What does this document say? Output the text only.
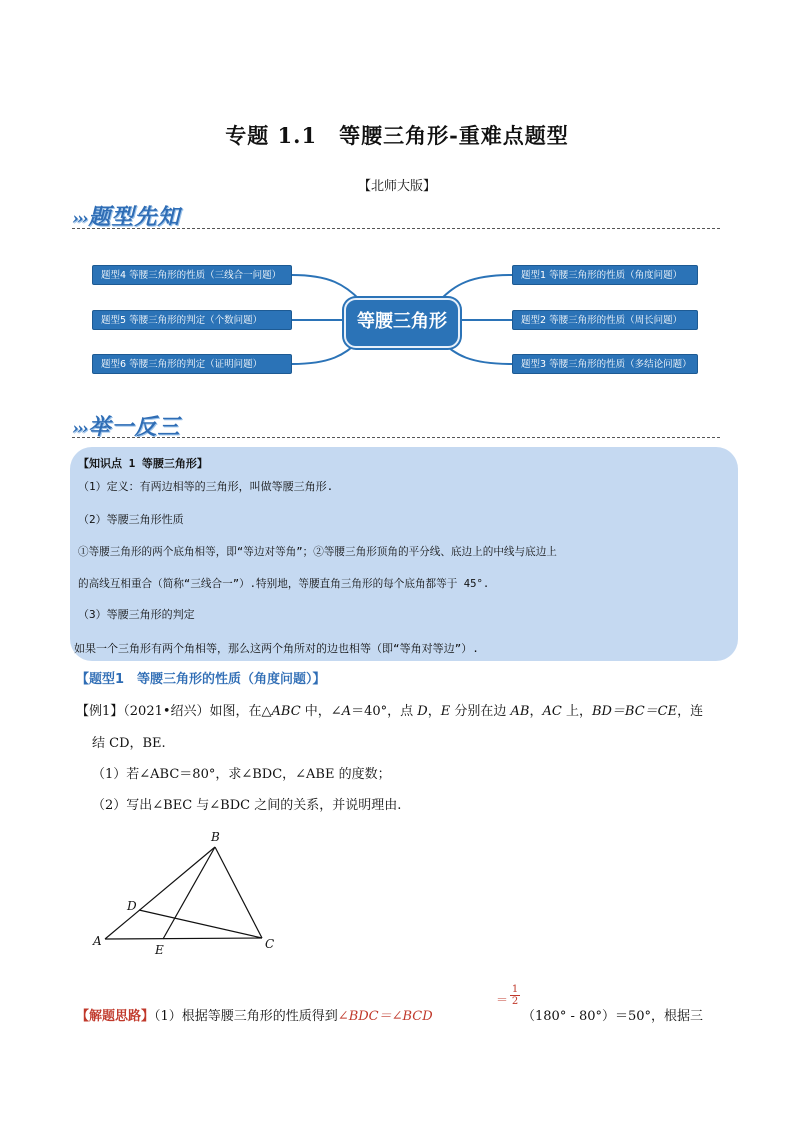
专题 1.1　等腰三角形-重难点题型
【北师大版】
›››题型先知
等腰三角形
题型4 等腰三角形的性质（三线合一问题）
题型5 等腰三角形的判定（个数问题）
题型6 等腰三角形的判定（证明问题）
题型1 等腰三角形的性质（角度问题）
题型2 等腰三角形的性质（周长问题）
题型3 等腰三角形的性质（多结论问题）
›››举一反三
【知识点 1 等腰三角形】
（1）定义：有两边相等的三角形，叫做等腰三角形.
（2）等腰三角形性质
①等腰三角形的两个底角相等，即“等边对等角”；②等腰三角形顶角的平分线、底边上的中线与底边上
的高线互相重合（简称“三线合一”）.特别地，等腰直角三角形的每个底角都等于 45°.
（3）等腰三角形的判定
如果一个三角形有两个角相等，那么这两个角所对的边也相等（即“等角对等边”）.
【题型1　等腰三角形的性质（角度问题）】
【例1】（2021•绍兴）如图，在△ABC 中，∠A＝40°，点 D，E 分别在边 AB，AC 上，BD＝BC＝CE，连
结 CD，BE.
（1）若∠ABC＝80°，求∠BDC，∠ABE 的度数；
（2）写出∠BEC 与∠BDC 之间的关系，并说明理由.
A
B
C
D
E
【解题思路】（1）根据等腰三角形的性质得到∠BDC＝∠BCD
＝ $\frac{1}{2}$
（180° - 80°）＝50°，根据三
